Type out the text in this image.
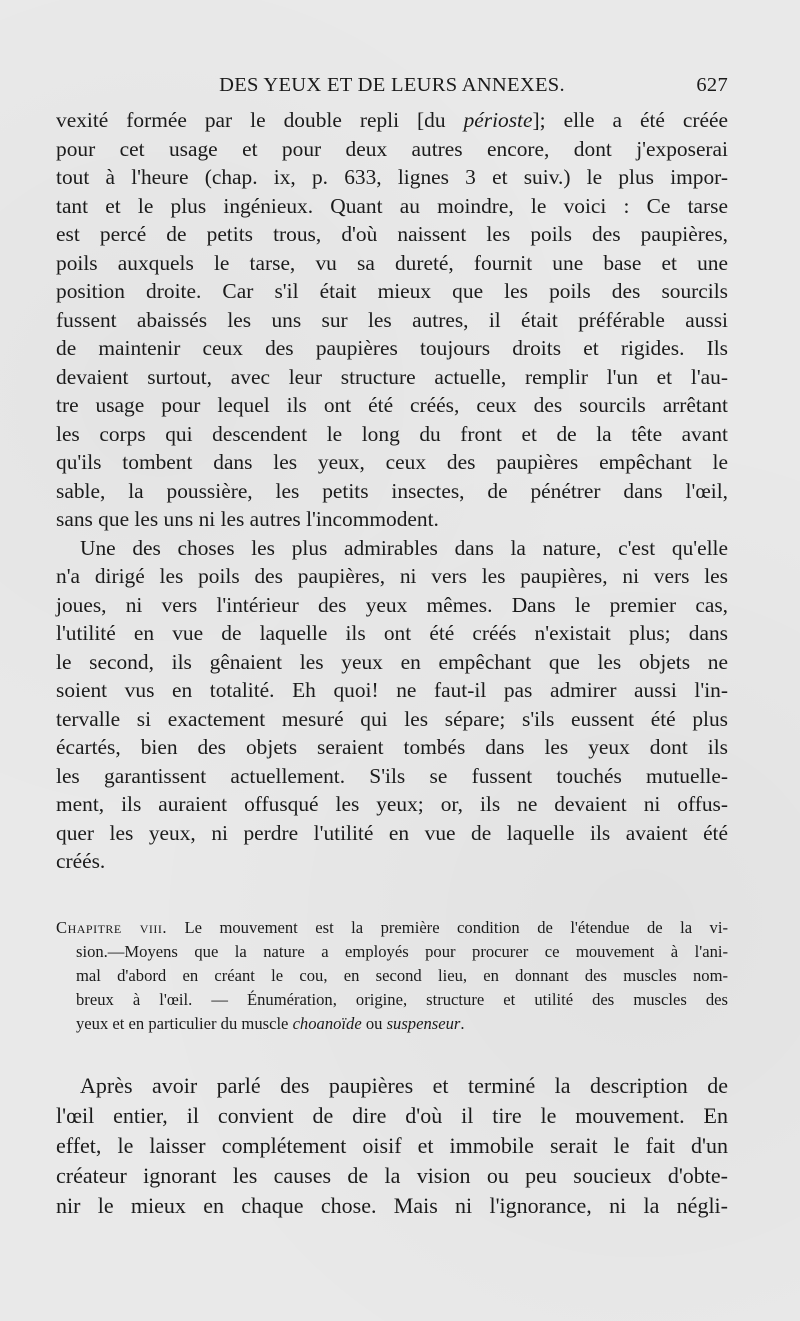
DES YEUX ET DE LEURS ANNEXES.	627
vexité formée par le double repli [du périoste]; elle a été créée
pour cet usage et pour deux autres encore, dont j'exposerai
tout à l'heure (chap. ix, p. 633, lignes 3 et suiv.) le plus impor-
tant et le plus ingénieux. Quant au moindre, le voici : Ce tarse
est percé de petits trous, d'où naissent les poils des paupières,
poils auxquels le tarse, vu sa dureté, fournit une base et une
position droite. Car s'il était mieux que les poils des sourcils
fussent abaissés les uns sur les autres, il était préférable aussi
de maintenir ceux des paupières toujours droits et rigides. Ils
devaient surtout, avec leur structure actuelle, remplir l'un et l'au-
tre usage pour lequel ils ont été créés, ceux des sourcils arrêtant
les corps qui descendent le long du front et de la tête avant
qu'ils tombent dans les yeux, ceux des paupières empêchant le
sable, la poussière, les petits insectes, de pénétrer dans l'œil,
sans que les uns ni les autres l'incommodent.
Une des choses les plus admirables dans la nature, c'est qu'elle
n'a dirigé les poils des paupières, ni vers les paupières, ni vers les
joues, ni vers l'intérieur des yeux mêmes. Dans le premier cas,
l'utilité en vue de laquelle ils ont été créés n'existait plus; dans
le second, ils gênaient les yeux en empêchant que les objets ne
soient vus en totalité. Eh quoi! ne faut-il pas admirer aussi l'in-
tervalle si exactement mesuré qui les sépare; s'ils eussent été plus
écartés, bien des objets seraient tombés dans les yeux dont ils
les garantissent actuellement. S'ils se fussent touchés mutuelle-
ment, ils auraient offusqué les yeux; or, ils ne devaient ni offus-
quer les yeux, ni perdre l'utilité en vue de laquelle ils avaient été
créés.
Chapitre viii. Le mouvement est la première condition de l'étendue de la vi-
sion.—Moyens que la nature a employés pour procurer ce mouvement à l'ani-
mal d'abord en créant le cou, en second lieu, en donnant des muscles nom-
breux à l'œil. — Énumération, origine, structure et utilité des muscles des
yeux et en particulier du muscle choanoïde ou suspenseur.
Après avoir parlé des paupières et terminé la description de
l'œil entier, il convient de dire d'où il tire le mouvement. En
effet, le laisser complétement oisif et immobile serait le fait d'un
créateur ignorant les causes de la vision ou peu soucieux d'obte-
nir le mieux en chaque chose. Mais ni l'ignorance, ni la négli-
